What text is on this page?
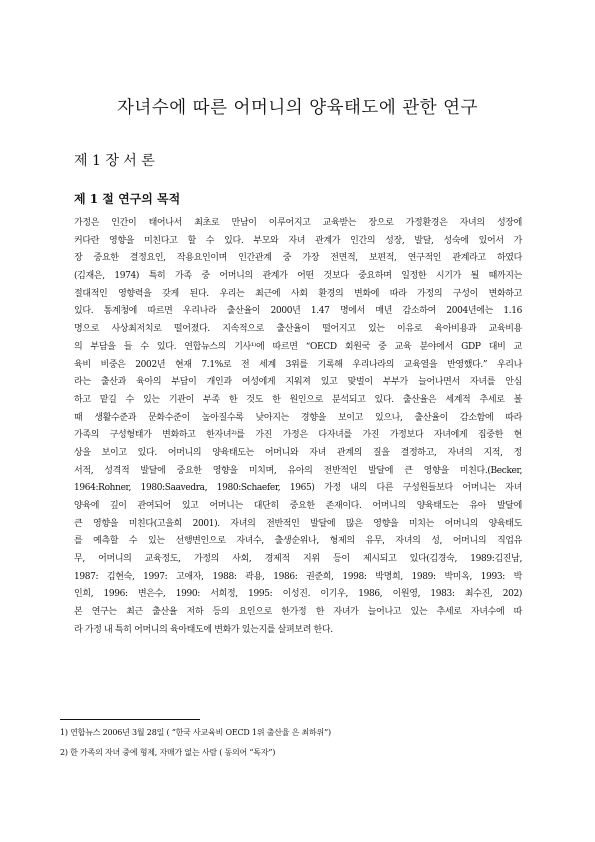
자녀수에 따른 어머니의 양육태도에 관한 연구
제 1 장 서 론
제 1 절 연구의 목적
가정은 인간이 태어나서 최초로 만남이 이루어지고 교육받는 장으로 가정환경은 자녀의 성장에
커다란 영향을 미친다고 할 수 있다. 부모와 자녀 관계가 인간의 성장, 발달, 성숙에 있어서 가
장 중요한 결정요인, 작용요인이며 인간관계 중 가장 전면적, 보편적, 연구적인 관계라고 하였다
(김재은, 1974) 특히 가족 중 어머니의 관계가 어떤 것보다 중요하며 일정한 시기가 될 때까지는
절대적인 영향력을 갖게 된다. 우리는 최근에 사회 환경의 변화에 따라 가정의 구성이 변화하고
있다. 통계청에 따르면 우리나라 출산율이 2000년 1.47 명에서 매년 감소하여 2004년에는 1.16
명으로 사상최저치로 떨어졌다. 지속적으로 출산율이 떨어지고 있는 이유로 육아비용과 교육비용
의 부담을 들 수 있다. 연합뉴스의 기사¹⁾에 따르면 “OECD 회원국 중 교육 분야에서 GDP 대비 교
육비 비중은 2002년 현재 7.1%로 전 세계 3위를 기록해 우리나라의 교육열을 반영했다.” 우리나
라는 출산과 육아의 부담이 개인과 여성에게 지워져 있고 맞벌이 부부가 늘어나면서 자녀를 안심
하고 맡길 수 있는 기관이 부족 한 것도 한 원인으로 분석되고 있다. 출산율은 세계적 추세로 볼
때 생활수준과 문화수준이 높아질수록 낮아지는 경향을 보이고 있으나, 출산율이 감소함에 따라
가족의 구성형태가 변화하고 한자녀²⁾를 가진 가정은 다자녀를 가진 가정보다 자녀에게 집중한 현
상을 보이고 있다. 어머니의 양육태도는 어머니와 자녀 관계의 질을 결정하고, 자녀의 지적, 정
서적, 성격적 발달에 중요한 영향을 미치며, 유아의 전반적인 발달에 큰 영향을 미친다.(Becker,
1964:Rohner, 1980:Saavedra, 1980:Schaefer, 1965) 가정 내의 다른 구성원들보다 어머니는 자녀
양육에 깊이 관여되어 있고 어머니는 대단히 중요한 존재이다. 어머니의 양육태도는 유아 발달에
큰 영향을 미친다(고을희 2001). 자녀의 전반적인 발달에 많은 영향을 미치는 어머니의 양육태도
를 예측할 수 있는 선행변인으로 자녀수, 출생순위나, 형제의 유무, 자녀의 성, 어머니의 직업유
무, 어머니의 교육정도, 가정의 사회, 경제적 지위 등이 제시되고 있다(김경숙, 1989:김진남,
1987: 김현숙, 1997: 고애자, 1988: 곽용, 1986: 권준희, 1998: 박명희, 1989: 박미옥, 1993: 박
인희, 1996: 변은수, 1990: 서희정, 1995: 이성진. 이기우, 1986, 이원영, 1983: 최수진, 202)
본 연구는 최근 출산율 저하 등의 요인으로 한가정 한 자녀가 늘어나고 있는 추세로 자녀수에 따
라 가정 내 특히 어머니의 육아태도에 변화가 있는지를 살펴보려 한다.
1) 연합뉴스 2006년 3월 28일 ( “한국 사교육비 OECD 1위 출산율 은 최하위”)
2) 한 가족의 자녀 중에 형제, 자매가 없는 사람 ( 동의어 “독자”)
